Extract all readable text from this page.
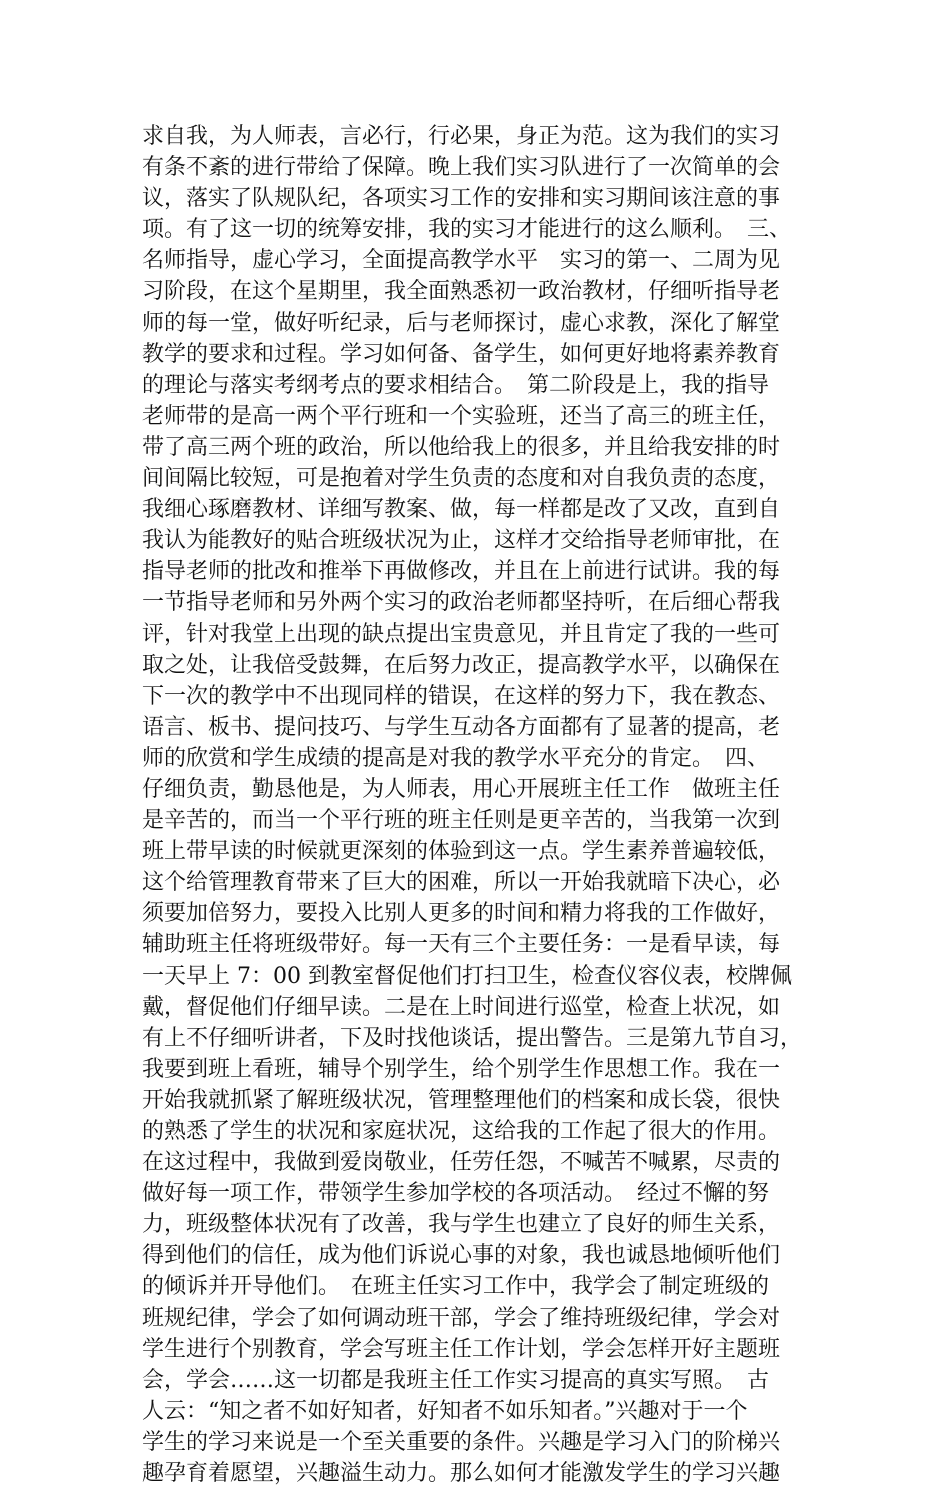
求自我，为人师表，言必行，行必果，身正为范。这为我们的实习
有条不紊的进行带给了保障。晚上我们实习队进行了一次简单的会
议，落实了队规队纪，各项实习工作的安排和实习期间该注意的事
项。有了这一切的统筹安排，我的实习才能进行的这么顺利。　三、
名师指导，虚心学习，全面提高教学水平　实习的第一、二周为见
习阶段，在这个星期里，我全面熟悉初一政治教材，仔细听指导老
师的每一堂，做好听纪录，后与老师探讨，虚心求教，深化了解堂
教学的要求和过程。学习如何备、备学生，如何更好地将素养教育
的理论与落实考纲考点的要求相结合。　第二阶段是上，我的指导
老师带的是高一两个平行班和一个实验班，还当了高三的班主任，
带了高三两个班的政治，所以他给我上的很多，并且给我安排的时
间间隔比较短，可是抱着对学生负责的态度和对自我负责的态度，
我细心琢磨教材、详细写教案、做，每一样都是改了又改，直到自
我认为能教好的贴合班级状况为止，这样才交给指导老师审批，在
指导老师的批改和推举下再做修改，并且在上前进行试讲。我的每
一节指导老师和另外两个实习的政治老师都坚持听，在后细心帮我
评，针对我堂上出现的缺点提出宝贵意见，并且肯定了我的一些可
取之处，让我倍受鼓舞，在后努力改正，提高教学水平，以确保在
下一次的教学中不出现同样的错误，在这样的努力下，我在教态、
语言、板书、提问技巧、与学生互动各方面都有了显著的提高，老
师的欣赏和学生成绩的提高是对我的教学水平充分的肯定。　四、
仔细负责，勤恳他是，为人师表，用心开展班主任工作　做班主任
是辛苦的，而当一个平行班的班主任则是更辛苦的，当我第一次到
班上带早读的时候就更深刻的体验到这一点。学生素养普遍较低，
这个给管理教育带来了巨大的困难，所以一开始我就暗下决心，必
须要加倍努力，要投入比别人更多的时间和精力将我的工作做好，
辅助班主任将班级带好。每一天有三个主要任务：一是看早读，每
一天早上 7：00 到教室督促他们打扫卫生，检查仪容仪表，校牌佩
戴，督促他们仔细早读。二是在上时间进行巡堂，检查上状况，如
有上不仔细听讲者，下及时找他谈话，提出警告。三是第九节自习，
我要到班上看班，辅导个别学生，给个别学生作思想工作。我在一
开始我就抓紧了解班级状况，管理整理他们的档案和成长袋，很快
的熟悉了学生的状况和家庭状况，这给我的工作起了很大的作用。
在这过程中，我做到爱岗敬业，任劳任怨，不喊苦不喊累，尽责的
做好每一项工作，带领学生参加学校的各项活动。　经过不懈的努
力，班级整体状况有了改善，我与学生也建立了良好的师生关系，
得到他们的信任，成为他们诉说心事的对象，我也诚恳地倾听他们
的倾诉并开导他们。　在班主任实习工作中，我学会了制定班级的
班规纪律，学会了如何调动班干部，学会了维持班级纪律，学会对
学生进行个别教育，学会写班主任工作计划，学会怎样开好主题班
会，学会……这一切都是我班主任工作实习提高的真实写照。　古
人云：“知之者不如好知者，好知者不如乐知者。”兴趣对于一个
学生的学习来说是一个至关重要的条件。兴趣是学习入门的阶梯兴
趣孕育着愿望，兴趣溢生动力。那么如何才能激发学生的学习兴趣
